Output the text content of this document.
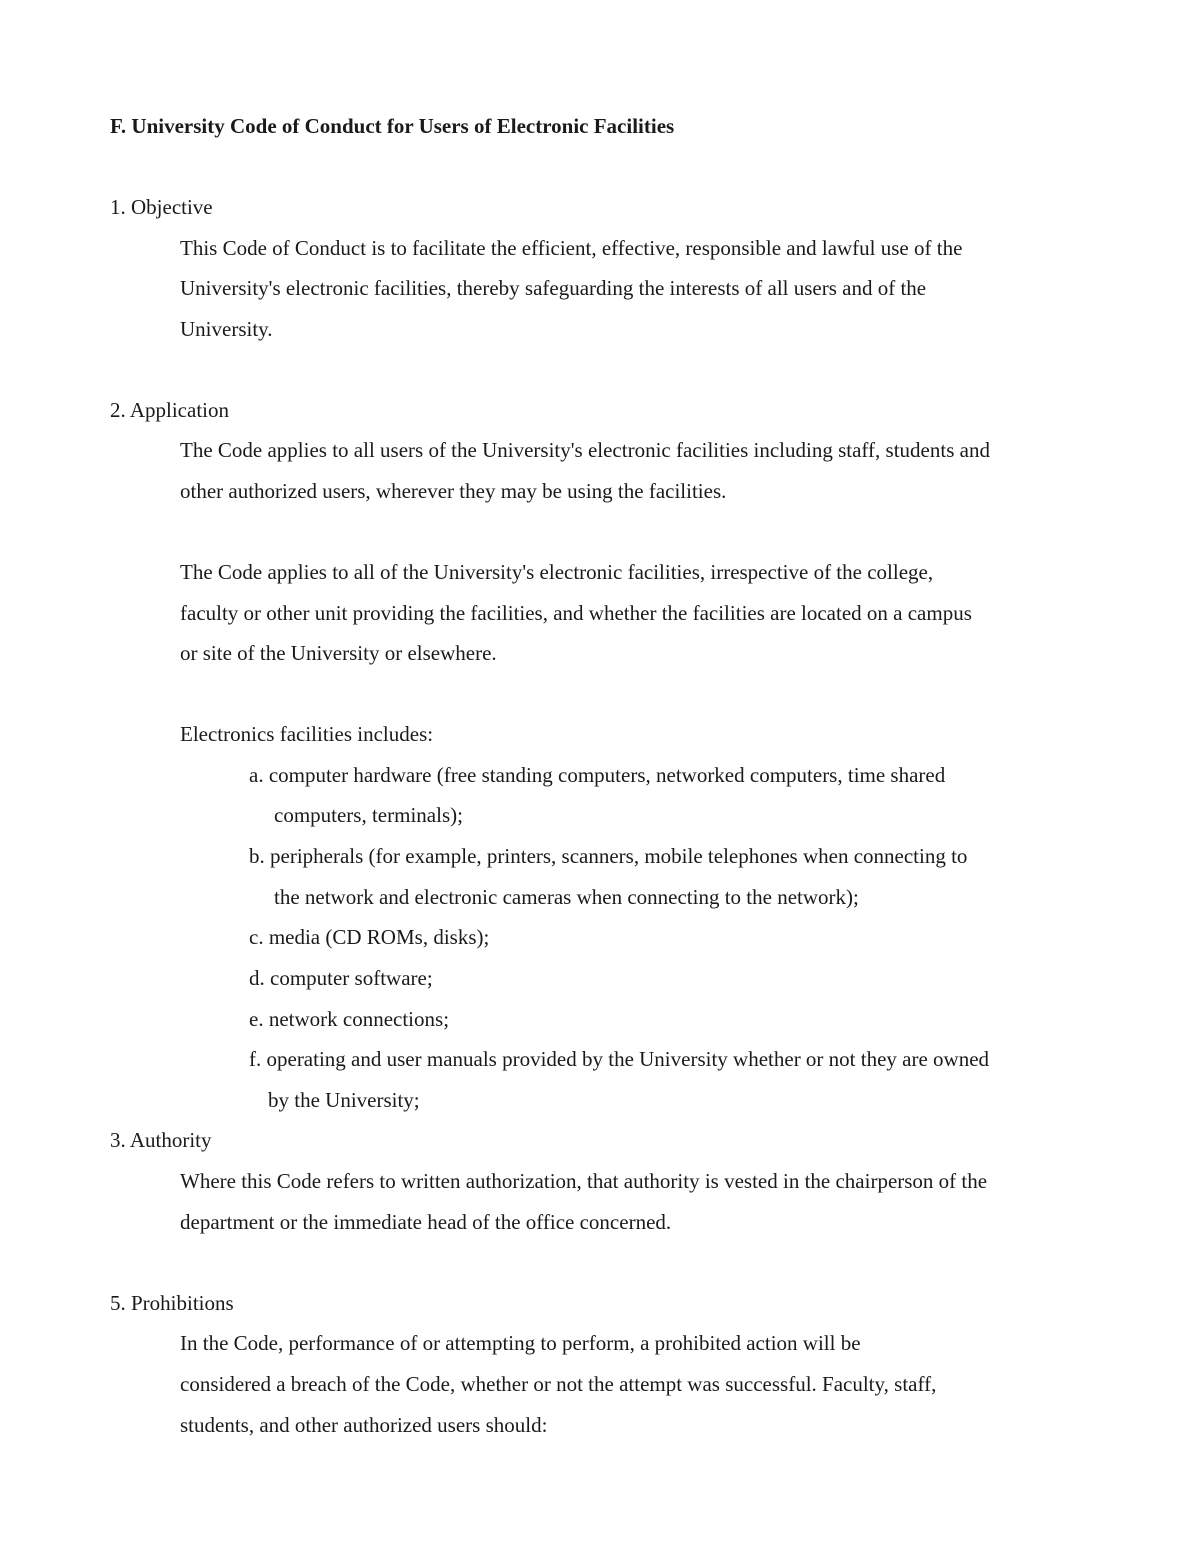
F. University Code of Conduct for Users of Electronic Facilities
1. Objective
This Code of Conduct is to facilitate the efficient, effective, responsible and lawful use of the
University's electronic facilities, thereby safeguarding the interests of all users and of the
University.
2. Application
The Code applies to all users of the University's electronic facilities including staff, students and
other authorized users, wherever they may be using the facilities.
The Code applies to all of the University's electronic facilities, irrespective of the college,
faculty or other unit providing the facilities, and whether the facilities are located on a campus
or site of the University or elsewhere.
Electronics facilities includes:
a. computer hardware (free standing computers, networked computers, time shared
computers, terminals);
b. peripherals (for example, printers, scanners, mobile telephones when connecting to
the network and electronic cameras when connecting to the network);
c. media (CD ROMs, disks);
d. computer software;
e. network connections;
f. operating and user manuals provided by the University whether or not they are owned
by the University;
3. Authority
Where this Code refers to written authorization, that authority is vested in the chairperson of the
department or the immediate head of the office concerned.
5. Prohibitions
In the Code, performance of or attempting to perform, a prohibited action will be
considered a breach of the Code, whether or not the attempt was successful. Faculty, staff,
students, and other authorized users should:
